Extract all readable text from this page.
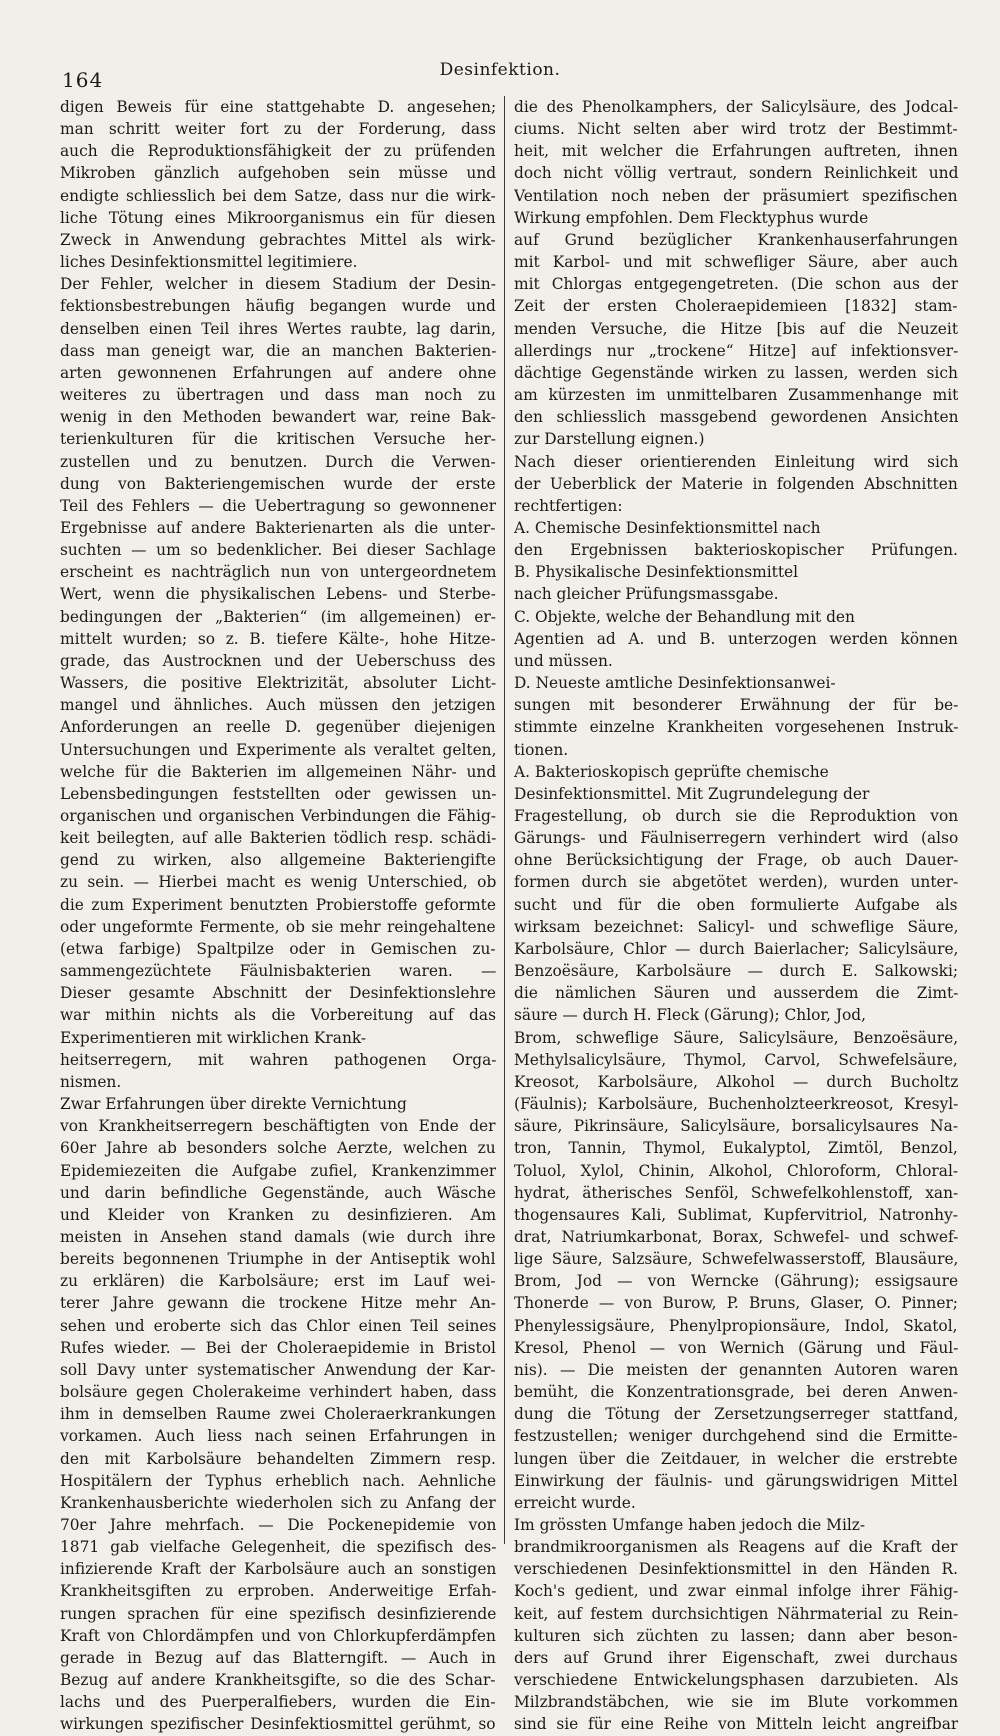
164	Desinfektion.
digen Beweis für eine stattgehabte D. angesehen;
man schritt weiter fort zu der Forderung, dass
auch die Reproduktionsfähigkeit der zu prüfenden
Mikroben gänzlich aufgehoben sein müsse und
endigte schliesslich bei dem Satze, dass nur die wirk-
liche Tötung eines Mikroorganismus ein für diesen
Zweck in Anwendung gebrachtes Mittel als wirk-
liches Desinfektionsmittel legitimiere.
Der Fehler, welcher in diesem Stadium der Desin-
fektionsbestrebungen häufig begangen wurde und
denselben einen Teil ihres Wertes raubte, lag darin,
dass man geneigt war, die an manchen Bakterien-
arten gewonnenen Erfahrungen auf andere ohne
weiteres zu übertragen und dass man noch zu
wenig in den Methoden bewandert war, reine Bak-
terienkulturen für die kritischen Versuche her-
zustellen und zu benutzen. Durch die Verwen-
dung von Bakteriengemischen wurde der erste
Teil des Fehlers — die Uebertragung so gewonnener
Ergebnisse auf andere Bakterienarten als die unter-
suchten — um so bedenklicher. Bei dieser Sachlage
erscheint es nachträglich nun von untergeordnetem
Wert, wenn die physikalischen Lebens- und Sterbe-
bedingungen der „Bakterien“ (im allgemeinen) er-
mittelt wurden; so z. B. tiefere Kälte-, hohe Hitze-
grade, das Austrocknen und der Ueberschuss des
Wassers, die positive Elektrizität, absoluter Licht-
mangel und ähnliches. Auch müssen den jetzigen
Anforderungen an reelle D. gegenüber diejenigen
Untersuchungen und Experimente als veraltet gelten,
welche für die Bakterien im allgemeinen Nähr- und
Lebensbedingungen feststellten oder gewissen un-
organischen und organischen Verbindungen die Fähig-
keit beilegten, auf alle Bakterien tödlich resp. schädi-
gend zu wirken, also allgemeine Bakteriengifte
zu sein. — Hierbei macht es wenig Unterschied, ob
die zum Experiment benutzten Probierstoffe geformte
oder ungeformte Fermente, ob sie mehr reingehaltene
(etwa farbige) Spaltpilze oder in Gemischen zu-
sammengezüchtete Fäulnisbakterien waren. —
Dieser gesamte Abschnitt der Desinfektionslehre
war mithin nichts als die Vorbereitung auf das
Experimentieren mit wirklichen Krank-
heitserregern, mit wahren pathogenen Orga-
nismen.
Zwar Erfahrungen über direkte Vernichtung
von Krankheitserregern beschäftigten von Ende der
60er Jahre ab besonders solche Aerzte, welchen zu
Epidemiezeiten die Aufgabe zufiel, Krankenzimmer
und darin befindliche Gegenstände, auch Wäsche
und Kleider von Kranken zu desinfizieren. Am
meisten in Ansehen stand damals (wie durch ihre
bereits begonnenen Triumphe in der Antiseptik wohl
zu erklären) die Karbolsäure; erst im Lauf wei-
terer Jahre gewann die trockene Hitze mehr An-
sehen und eroberte sich das Chlor einen Teil seines
Rufes wieder. — Bei der Choleraepidemie in Bristol
soll Davy unter systematischer Anwendung der Kar-
bolsäure gegen Cholerakeime verhindert haben, dass
ihm in demselben Raume zwei Choleraerkrankungen
vorkamen. Auch liess nach seinen Erfahrungen in
den mit Karbolsäure behandelten Zimmern resp.
Hospitälern der Typhus erheblich nach. Aehnliche
Krankenhausberichte wiederholen sich zu Anfang der
70er Jahre mehrfach. — Die Pockenepidemie von
1871 gab vielfache Gelegenheit, die spezifisch des-
infizierende Kraft der Karbolsäure auch an sonstigen
Krankheitsgiften zu erproben. Anderweitige Erfah-
rungen sprachen für eine spezifisch desinfizierende
Kraft von Chlordämpfen und von Chlorkupferdämpfen
gerade in Bezug auf das Blatterngift. — Auch in
Bezug auf andere Krankheitsgifte, so die des Schar-
lachs und des Puerperalfiebers, wurden die Ein-
wirkungen spezifischer Desinfektiosmittel gerühmt, so
die des Phenolkamphers, der Salicylsäure, des Jodcal-
ciums. Nicht selten aber wird trotz der Bestimmt-
heit, mit welcher die Erfahrungen auftreten, ihnen
doch nicht völlig vertraut, sondern Reinlichkeit und
Ventilation noch neben der präsumiert spezifischen
Wirkung empfohlen. Dem Flecktyphus wurde
auf Grund bezüglicher Krankenhauserfahrungen
mit Karbol- und mit schwefliger Säure, aber auch
mit Chlorgas entgegengetreten. (Die schon aus der
Zeit der ersten Choleraepidemieen [1832] stam-
menden Versuche, die Hitze [bis auf die Neuzeit
allerdings nur „trockene“ Hitze] auf infektionsver-
dächtige Gegenstände wirken zu lassen, werden sich
am kürzesten im unmittelbaren Zusammenhange mit
den schliesslich massgebend gewordenen Ansichten
zur Darstellung eignen.)
Nach dieser orientierenden Einleitung wird sich
der Ueberblick der Materie in folgenden Abschnitten
rechtfertigen:
A. Chemische Desinfektionsmittel nach
den Ergebnissen bakterioskopischer Prüfungen.
B. Physikalische Desinfektionsmittel
nach gleicher Prüfungsmassgabe.
C. Objekte, welche der Behandlung mit den
Agentien ad A. und B. unterzogen werden können
und müssen.
D. Neueste amtliche Desinfektionsanwei-
sungen mit besonderer Erwähnung der für be-
stimmte einzelne Krankheiten vorgesehenen Instruk-
tionen.
A. Bakterioskopisch geprüfte chemische
Desinfektionsmittel. Mit Zugrundelegung der
Fragestellung, ob durch sie die Reproduktion von
Gärungs- und Fäulniserregern verhindert wird (also
ohne Berücksichtigung der Frage, ob auch Dauer-
formen durch sie abgetötet werden), wurden unter-
sucht und für die oben formulierte Aufgabe als
wirksam bezeichnet: Salicyl- und schweflige Säure,
Karbolsäure, Chlor — durch Baierlacher; Salicylsäure,
Benzoësäure, Karbolsäure — durch E. Salkowski;
die nämlichen Säuren und ausserdem die Zimt-
säure — durch H. Fleck (Gärung); Chlor, Jod,
Brom, schweflige Säure, Salicylsäure, Benzoësäure,
Methylsalicylsäure, Thymol, Carvol, Schwefelsäure,
Kreosot, Karbolsäure, Alkohol — durch Bucholtz
(Fäulnis); Karbolsäure, Buchenholzteerkreosot, Kresyl-
säure, Pikrinsäure, Salicylsäure, borsalicylsaures Na-
tron, Tannin, Thymol, Eukalyptol, Zimtöl, Benzol,
Toluol, Xylol, Chinin, Alkohol, Chloroform, Chloral-
hydrat, ätherisches Senföl, Schwefelkohlenstoff, xan-
thogensaures Kali, Sublimat, Kupfervitriol, Natronhy-
drat, Natriumkarbonat, Borax, Schwefel- und schwef-
lige Säure, Salzsäure, Schwefelwasserstoff, Blausäure,
Brom, Jod — von Werncke (Gährung); essigsaure
Thonerde — von Burow, P. Bruns, Glaser, O. Pinner;
Phenylessigsäure, Phenylpropionsäure, Indol, Skatol,
Kresol, Phenol — von Wernich (Gärung und Fäul-
nis). — Die meisten der genannten Autoren waren
bemüht, die Konzentrationsgrade, bei deren Anwen-
dung die Tötung der Zersetzungserreger stattfand,
festzustellen; weniger durchgehend sind die Ermitte-
lungen über die Zeitdauer, in welcher die erstrebte
Einwirkung der fäulnis- und gärungswidrigen Mittel
erreicht wurde.
Im grössten Umfange haben jedoch die Milz-
brandmikroorganismen als Reagens auf die Kraft der
verschiedenen Desinfektionsmittel in den Händen R.
Koch's gedient, und zwar einmal infolge ihrer Fähig-
keit, auf festem durchsichtigen Nährmaterial zu Rein-
kulturen sich züchten zu lassen; dann aber beson-
ders auf Grund ihrer Eigenschaft, zwei durchaus
verschiedene Entwickelungsphasen darzubieten. Als
Milzbrandstäbchen, wie sie im Blute vorkommen
sind sie für eine Reihe von Mitteln leicht angreifbar
